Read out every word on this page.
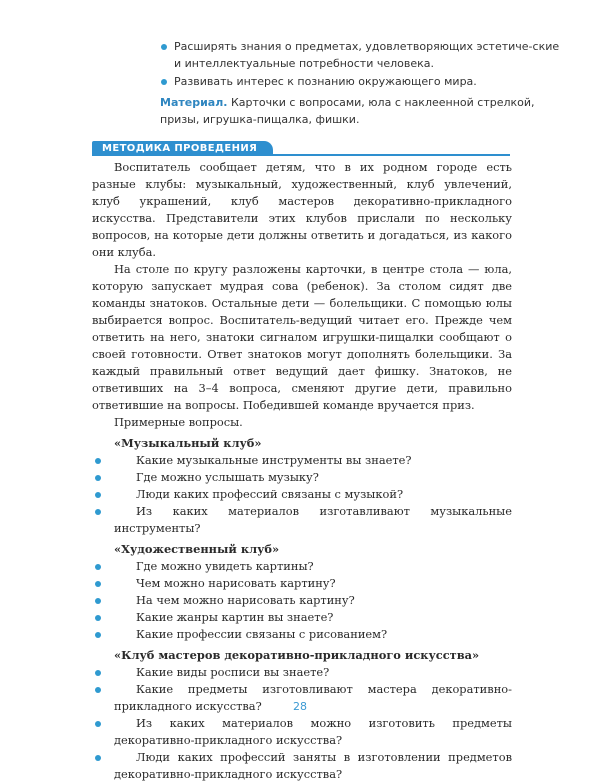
Расширять знания о предметах, удовлетворяющих эстетиче-ские и интеллектуальные потребности человека.
Развивать интерес к познанию окружающего мира.
Материал. Карточки с вопросами, юла с наклеенной стрелкой, призы, игрушка-пищалка, фишки.
МЕТОДИКА ПРОВЕДЕНИЯ

Воспитатель сообщает детям, что в их родном городе есть разные клубы: музыкальный, художественный, клуб увлечений, клуб украшений, клуб мастеров декоративно-прикладного искусства. Представители этих клубов прислали по нескольку вопросов, на которые дети должны ответить и догадаться, из какого они клуба.

На столе по кругу разложены карточки, в центре стола — юла, которую запускает мудрая сова (ребенок). За столом сидят две команды знатоков. Остальные дети — болельщики. С помощью юлы выбирается вопрос. Воспитатель-ведущий читает его. Прежде чем ответить на него, знатоки сигналом игрушки-пищалки сообщают о своей готовности. Ответ знатоков могут дополнять болельщики. За каждый правильный ответ ведущий дает фишку. Знатоков, не ответивших на 3–4 вопроса, сменяют другие дети, правильно ответившие на вопросы. Победившей команде вручается приз.

Примерные вопросы.

«Музыкальный клуб»

Какие музыкальные инструменты вы знаете?

Где можно услышать музыку?

Люди каких профессий связаны с музыкой?

Из каких материалов изготавливают музыкальные инструменты?

«Художественный клуб»

Где можно увидеть картины?

Чем можно нарисовать картину?

На чем можно нарисовать картину?

Какие жанры картин вы знаете?

Какие профессии связаны с рисованием?

«Клуб мастеров декоративно-прикладного искусства»

Какие виды росписи вы знаете?

Какие предметы изготовливают мастера декоративно-прикладного искусства?

Из каких материалов можно изготовить предметы декоративно-прикладного искусства?

Люди каких профессий заняты в изготовлении предметов декоративно-прикладного искусства?

28
